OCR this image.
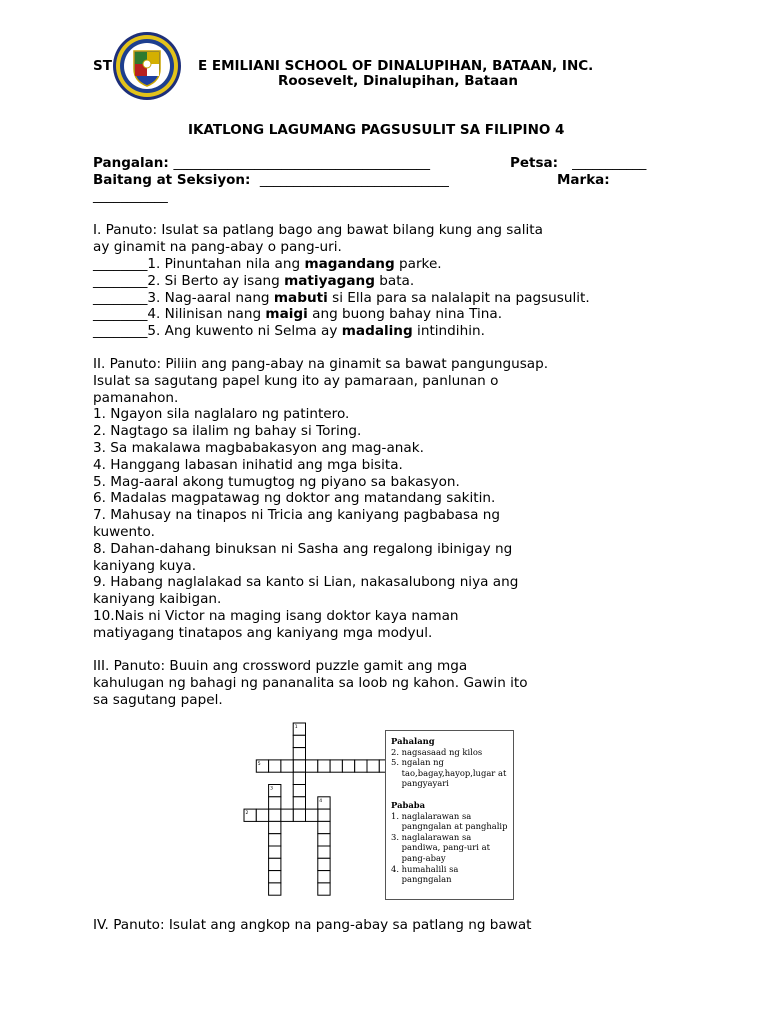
ST	E EMILIANI SCHOOL OF DINALUPIHAN, BATAAN, INC.
Roosevelt, Dinalupihan, Bataan
IKATLONG LAGUMANG PAGSUSULIT SA FILIPINO 4
Pangalan: ______________________________________	Petsa: ___________
Baitang at Seksiyon: ____________________________	Marka:
___________
I. Panuto: Isulat sa patlang bago ang bawat bilang kung ang salita
ay ginamit na pang-abay o pang-uri.
________1. Pinuntahan nila ang magandang parke.
________2. Si Berto ay isang matiyagang bata.
________3. Nag-aaral nang mabuti si Ella para sa nalalapit na pagsusulit.
________4. Nilinisan nang maigi ang buong bahay nina Tina.
________5. Ang kuwento ni Selma ay madaling intindihin.
II. Panuto: Piliin ang pang-abay na ginamit sa bawat pangungusap.
Isulat sa sagutang papel kung ito ay pamaraan, panlunan o
pamanahon.
1. Ngayon sila naglalaro ng patintero.
2. Nagtago sa ilalim ng bahay si Toring.
3. Sa makalawa magbabakasyon ang mag-anak.
4. Hanggang labasan inihatid ang mga bisita.
5. Mag-aaral akong tumugtog ng piyano sa bakasyon.
6. Madalas magpatawag ng doktor ang matandang sakitin.
7. Mahusay na tinapos ni Tricia ang kaniyang pagbabasa ng
kuwento.
8. Dahan-dahang binuksan ni Sasha ang regalong ibinigay ng
kaniyang kuya.
9. Habang naglalakad sa kanto si Lian, nakasalubong niya ang
kaniyang kaibigan.
10.Nais ni Victor na maging isang doktor kaya naman
matiyagang tinatapos ang kaniyang mga modyul.
III. Panuto: Buuin ang crossword puzzle gamit ang mga
kahulugan ng bahagi ng pananalita sa loob ng kahon. Gawin ito
sa sagutang papel.
1
5
3
4
2
Pahalang
2. nagsasaad ng kilos
5. ngalan ng
tao,bagay,hayop,lugar at
pangyayari
Pababa
1. naglalarawan sa
pangngalan at panghalip
3. naglalarawan sa
pandiwa, pang-uri at
pang-abay
4. humahalili sa
pangngalan
IV. Panuto: Isulat ang angkop na pang-abay sa patlang ng bawat
